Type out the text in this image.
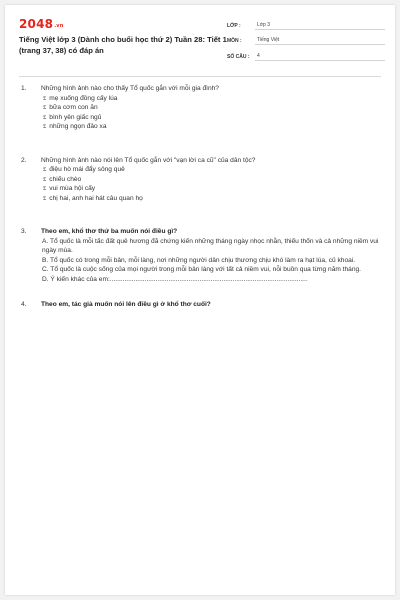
$2048^{.vn}$
Tiếng Việt lớp 3 (Dành cho buổi học thứ 2) Tuần 28: Tiết 1 (trang 37, 38) có đáp án
LỚP :	Lớp 3
MÔN :	Tiếng Việt
SỐ CÂU :	4
1.	Những hình ảnh nào cho thấy Tổ quốc gắn với mỗi gia đình?
£ mẹ xuống đồng cấy lúa
£ bữa cơm con ăn
£ bình yên giấc ngủ
£ những ngọn đảo xa
2.	Những hình ảnh nào nói lên Tổ quốc gắn với "vạn lời ca cũ" của dân tộc?
£ điệu hò mái đẩy sông quê
£ chiếu chèo
£ vui mùa hội cấy
£ chị hai, anh hai hát câu quan họ
3.	Theo em, khổ thơ thứ ba muốn nói điều gì?
A. Tổ quốc là mỗi tấc đất quê hương đã chứng kiến những tháng ngày nhọc nhằn, thiếu thốn và cả những niềm vui ngày mùa.
B. Tổ quốc có trong mỗi bản, mỗi làng, nơi những người dân chịu thương chịu khó làm ra hạt lúa, củ khoai.
C. Tổ quốc là cuộc sống của mọi người trong mỗi bản làng với tất cả niềm vui, nỗi buồn qua từng năm tháng.
D. Ý kiến khác của em:............................................................................................................
4.	Theo em, tác giả muốn nói lên điều gì ở khổ thơ cuối?
